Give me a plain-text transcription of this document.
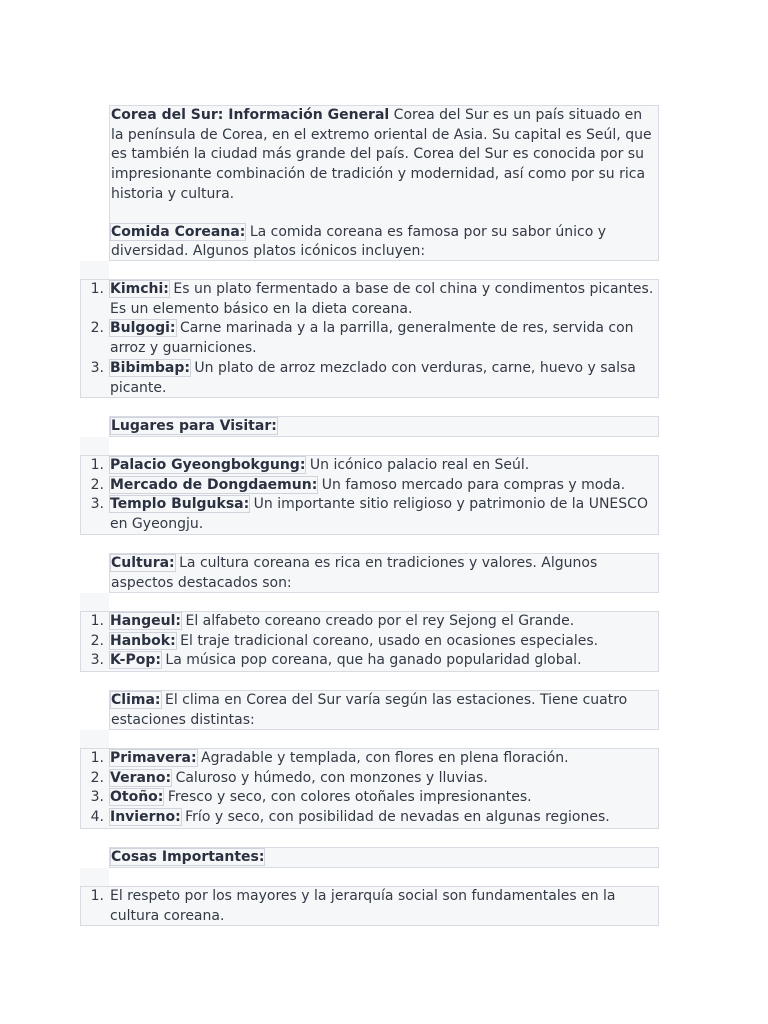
Corea del Sur: Información General Corea del Sur es un país situado en la península de Corea, en el extremo oriental de Asia. Su capital es Seúl, que es también la ciudad más grande del país. Corea del Sur es conocida por su impresionante combinación de tradición y modernidad, así como por su rica historia y cultura.

Comida Coreana: La comida coreana es famosa por su sabor único y diversidad. Algunos platos icónicos incluyen:

1. Kimchi: Es un plato fermentado a base de col china y condimentos picantes. Es un elemento básico en la dieta coreana.
2. Bulgogi: Carne marinada y a la parrilla, generalmente de res, servida con arroz y guarniciones.
3. Bibimbap: Un plato de arroz mezclado con verduras, carne, huevo y salsa picante.

Lugares para Visitar:

1. Palacio Gyeongbokgung: Un icónico palacio real en Seúl.
2. Mercado de Dongdaemun: Un famoso mercado para compras y moda.
3. Templo Bulguksa: Un importante sitio religioso y patrimonio de la UNESCO en Gyeongju.

Cultura: La cultura coreana es rica en tradiciones y valores. Algunos aspectos destacados son:

1. Hangeul: El alfabeto coreano creado por el rey Sejong el Grande.
2. Hanbok: El traje tradicional coreano, usado en ocasiones especiales.
3. K-Pop: La música pop coreana, que ha ganado popularidad global.

Clima: El clima en Corea del Sur varía según las estaciones. Tiene cuatro estaciones distintas:

1. Primavera: Agradable y templada, con flores en plena floración.
2. Verano: Caluroso y húmedo, con monzones y lluvias.
3. Otoño: Fresco y seco, con colores otoñales impresionantes.
4. Invierno: Frío y seco, con posibilidad de nevadas en algunas regiones.

Cosas Importantes:

1. El respeto por los mayores y la jerarquía social son fundamentales en la cultura coreana.
